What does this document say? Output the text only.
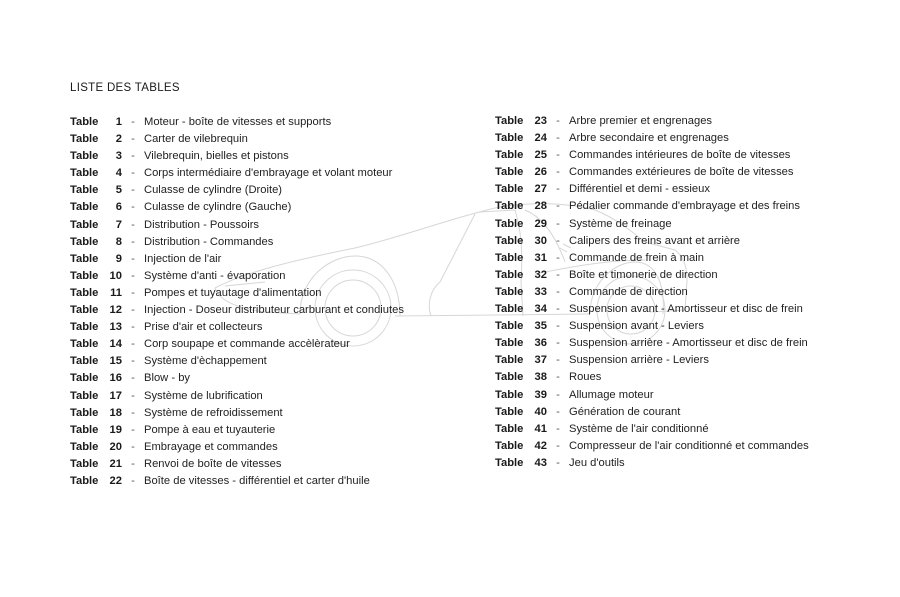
LISTE DES TABLES
Table	1 - Moteur - boîte de vitesses et supports
Table	2 - Carter de vilebrequin
Table	3 - Vilebrequin, bielles et pistons
Table	4 - Corps intermédiaire d'embrayage et volant moteur
Table	5 - Culasse de cylindre (Droite)
Table	6 - Culasse de cylindre (Gauche)
Table	7 - Distribution - Poussoirs
Table	8 - Distribution - Commandes
Table	9 - Injection de l'air
Table 10 - Système d'anti - évaporation
Table	11 - Pompes et tuyautage d'alimentation
Table 12 - Injection - Doseur distributeur carburant et condiutes
Table 13 - Prise d'air et collecteurs
Table 14 - Corp soupape et commande accèlèrateur
Table 15 - Système d'èchappement
Table 16 - Blow - by
Table 17 - Système de lubrification
Table 18 - Système de refroidissement
Table 19 - Pompe à eau et tuyauterie
Table 20 - Embrayage et commandes
Table 21 - Renvoi de boîte de vitesses
Table 22 - Boîte de vitesses - différentiel et carter d'huile
Table 23 - Arbre premier et engrenages
Table 24 - Arbre secondaire et engrenages
Table 25 - Commandes intérieures de boîte de vitesses
Table 26 - Commandes extérieures de boîte de vitesses
Table 27 - Différentiel et demi - essieux
Table 28 - Pédalier commande d'embrayage et des freins
Table 29 - Système de freinage
Table 30 - Calipers des freins avant et arrière
Table 31 - Commande de frein à main
Table 32 - Boîte et timonerie de direction
Table 33 - Commande de direction
Table 34 - Suspension avant - Amortisseur et disc de frein
Table 35 - Suspension avant - Leviers
Table 36 - Suspension arrière - Amortisseur et disc de frein
Table 37 - Suspension arrière - Leviers
Table 38 - Roues
Table 39 - Allumage moteur
Table 40 - Génération de courant
Table 41 - Système de l'air conditionné
Table 42 - Compresseur de l'air conditionné et commandes
Table 43 - Jeu d'outils
